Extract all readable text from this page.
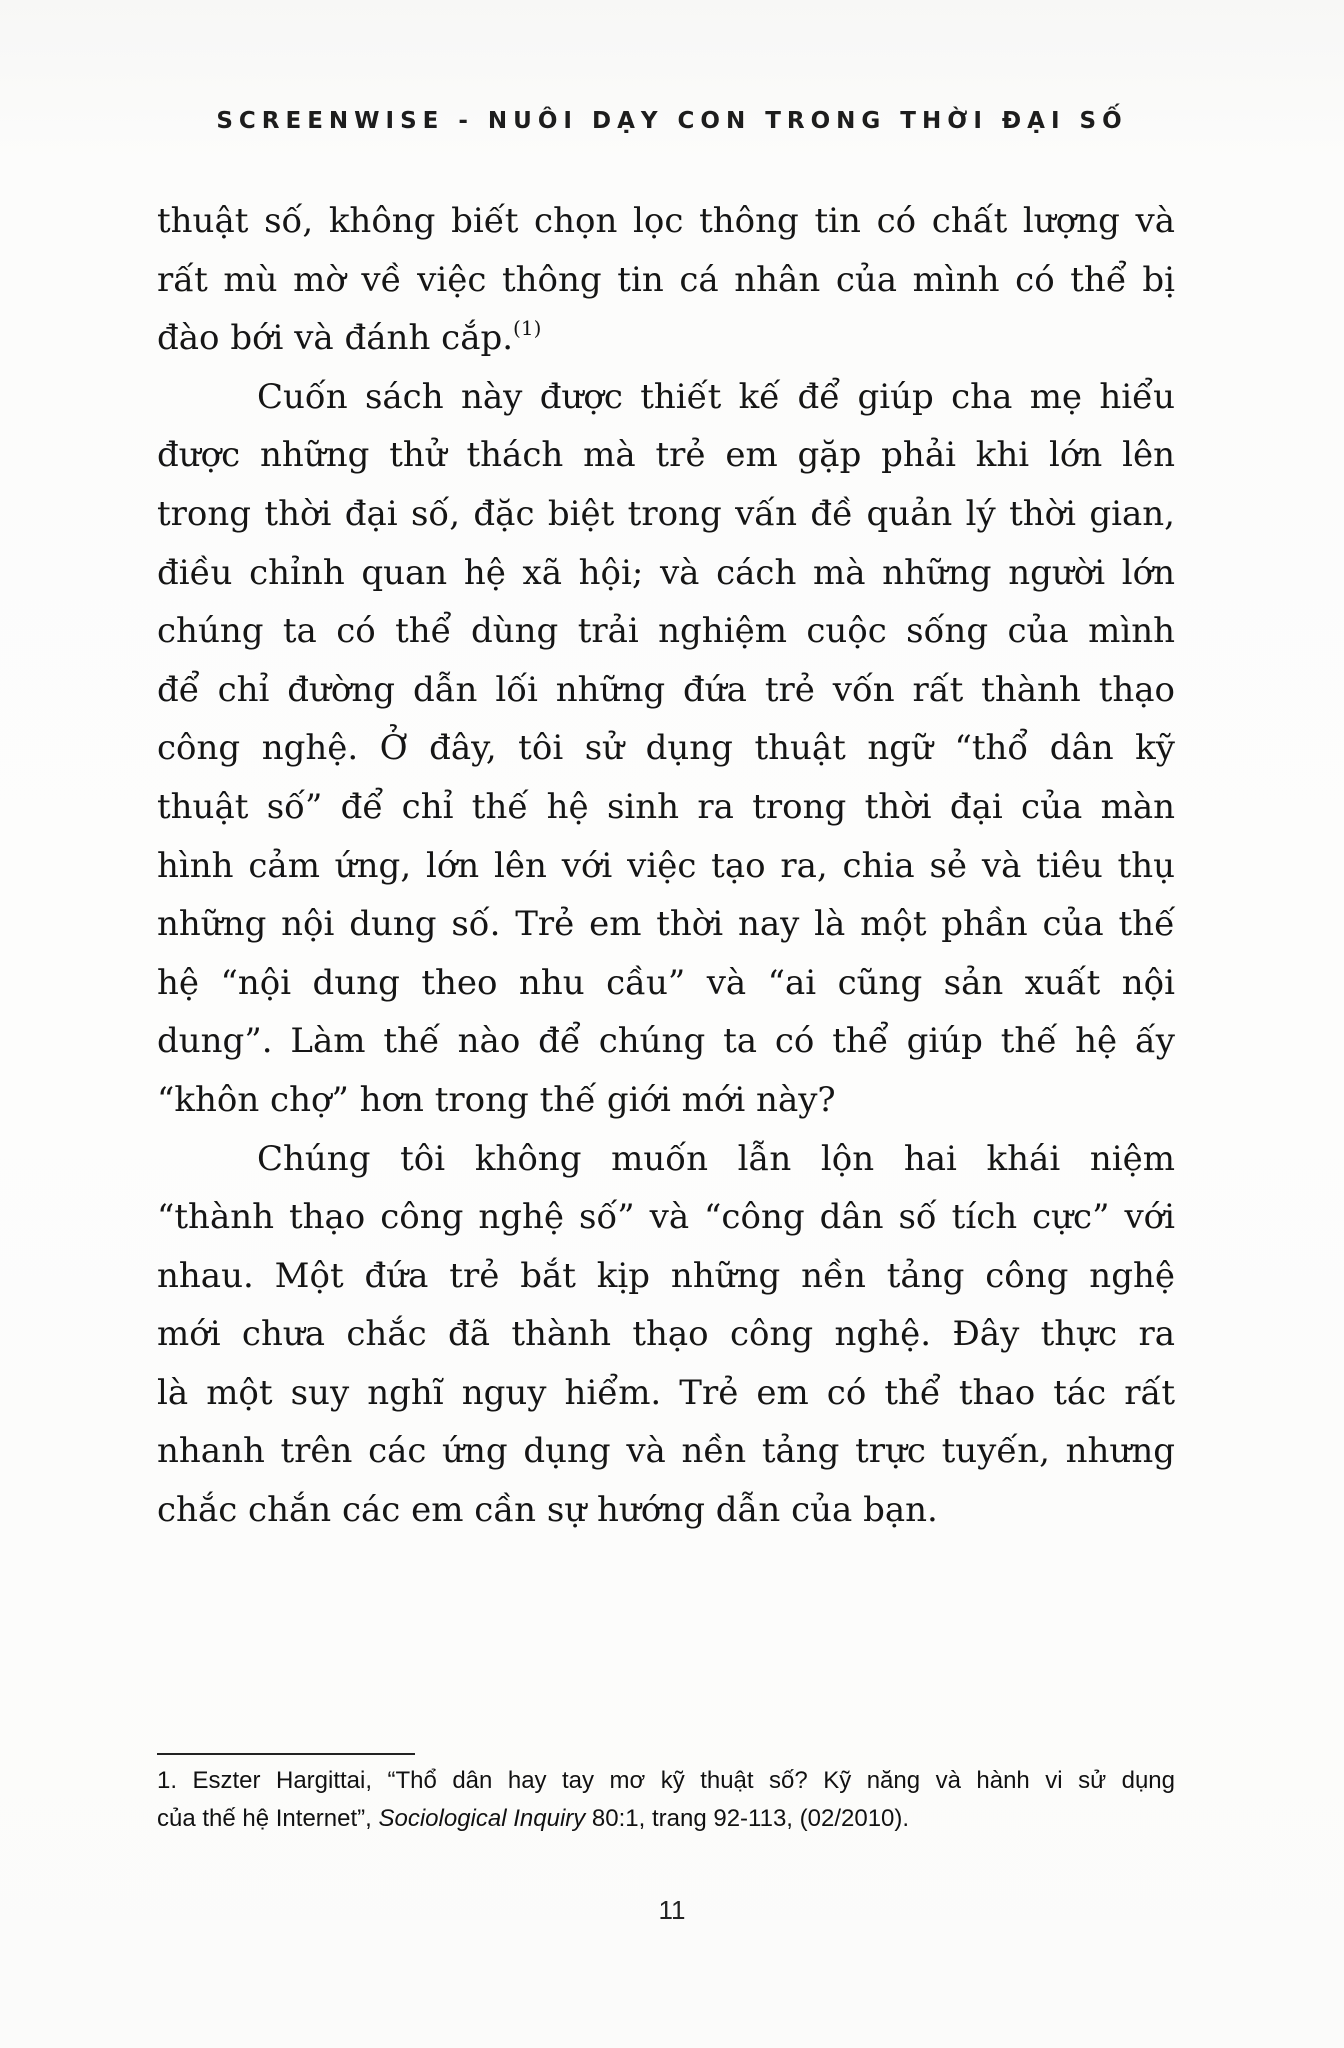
SCREENWISE - NUÔI DẠY CON TRONG THỜI ĐẠI SỐ

thuật số, không biết chọn lọc thông tin có chất lượng và
rất mù mờ về việc thông tin cá nhân của mình có thể bị
đào bới và đánh cắp.$^{(1)}$

Cuốn sách này được thiết kế để giúp cha mẹ hiểu
được những thử thách mà trẻ em gặp phải khi lớn lên
trong thời đại số, đặc biệt trong vấn đề quản lý thời gian,
điều chỉnh quan hệ xã hội; và cách mà những người lớn
chúng ta có thể dùng trải nghiệm cuộc sống của mình
để chỉ đường dẫn lối những đứa trẻ vốn rất thành thạo
công nghệ. Ở đây, tôi sử dụng thuật ngữ “thổ dân kỹ
thuật số” để chỉ thế hệ sinh ra trong thời đại của màn
hình cảm ứng, lớn lên với việc tạo ra, chia sẻ và tiêu thụ
những nội dung số. Trẻ em thời nay là một phần của thế
hệ “nội dung theo nhu cầu” và “ai cũng sản xuất nội
dung”. Làm thế nào để chúng ta có thể giúp thế hệ ấy
“khôn chợ” hơn trong thế giới mới này?

Chúng tôi không muốn lẫn lộn hai khái niệm
“thành thạo công nghệ số” và “công dân số tích cực” với
nhau. Một đứa trẻ bắt kịp những nền tảng công nghệ
mới chưa chắc đã thành thạo công nghệ. Đây thực ra
là một suy nghĩ nguy hiểm. Trẻ em có thể thao tác rất
nhanh trên các ứng dụng và nền tảng trực tuyến, nhưng
chắc chắn các em cần sự hướng dẫn của bạn.

1. Eszter Hargittai, “Thổ dân hay tay mơ kỹ thuật số? Kỹ năng và hành vi sử dụng
của thế hệ Internet”, Sociological Inquiry 80:1, trang 92-113, (02/2010).
11
